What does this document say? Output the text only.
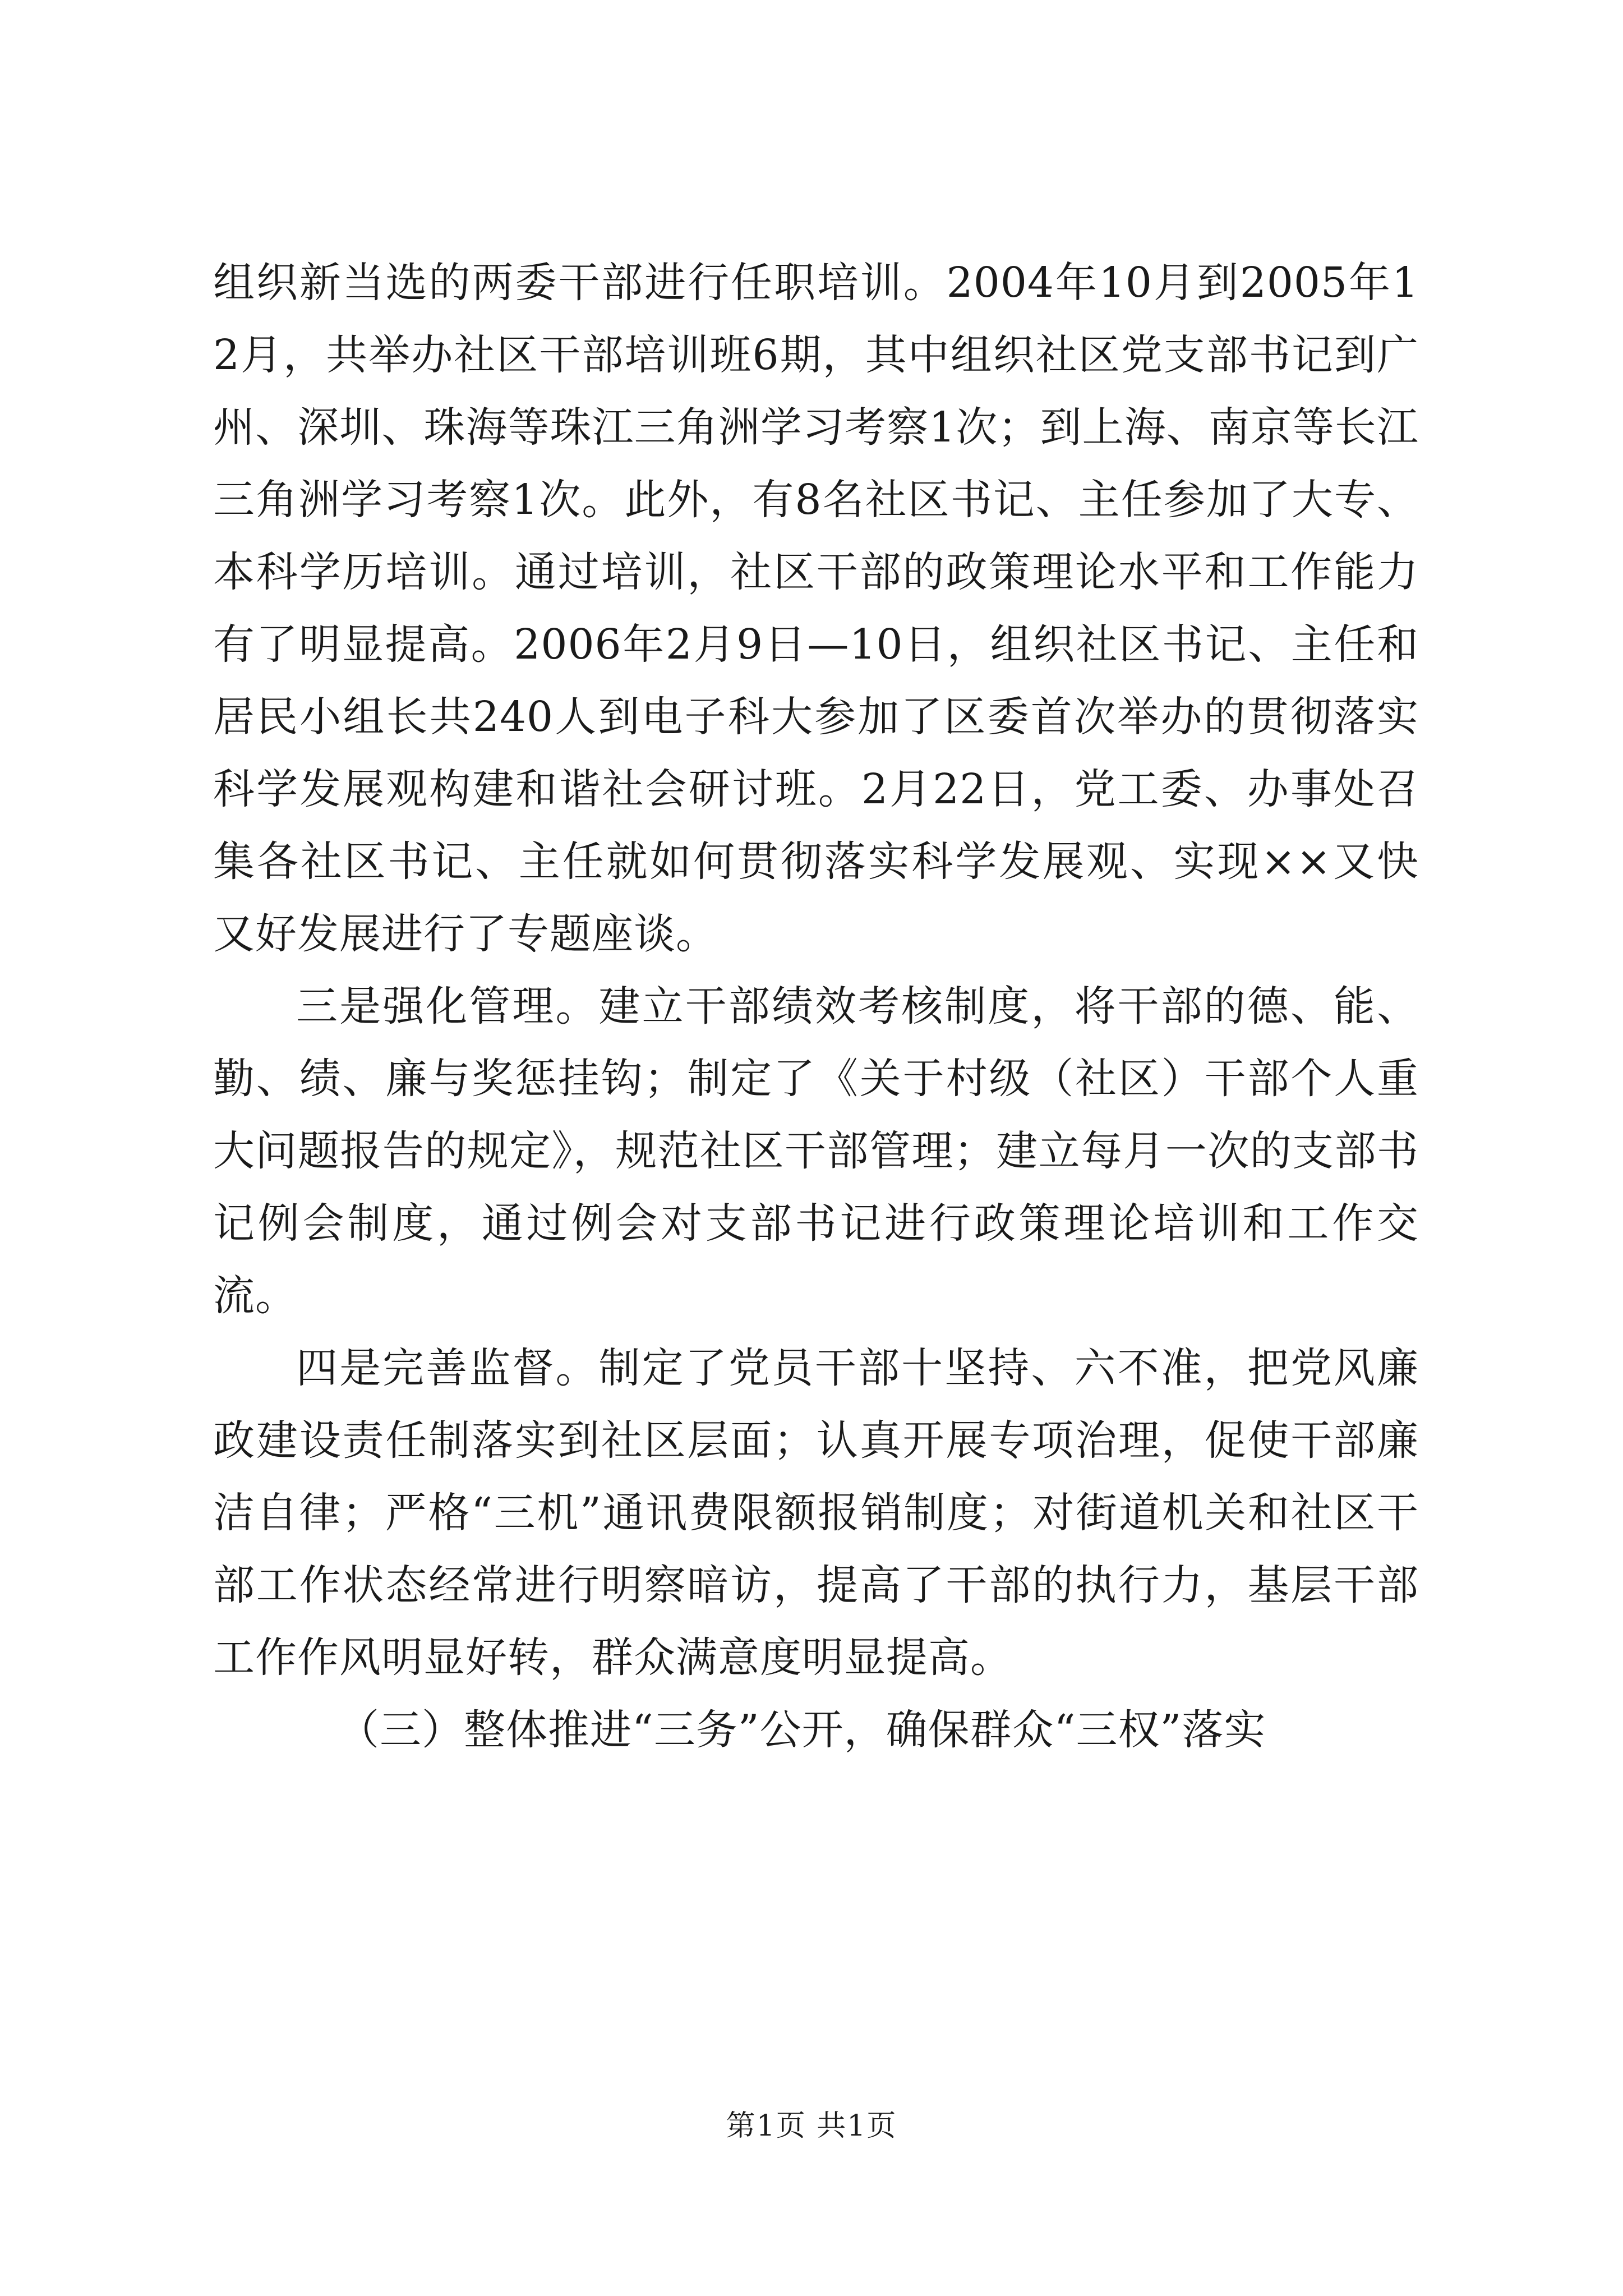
组织新当选的两委干部进行任职培训。2004年10月到2005年12月，共举办社区干部培训班6期，其中组织社区党支部书记到广州、深圳、珠海等珠江三角洲学习考察1次；到上海、南京等长江三角洲学习考察1次。此外，有8名社区书记、主任参加了大专、本科学历培训。通过培训，社区干部的政策理论水平和工作能力有了明显提高。2006年2月9日—10日，组织社区书记、主任和居民小组长共240人到电子科大参加了区委首次举办的贯彻落实科学发展观构建和谐社会研讨班。2月22日，党工委、办事处召集各社区书记、主任就如何贯彻落实科学发展观、实现××又快又好发展进行了专题座谈。

三是强化管理。建立干部绩效考核制度，将干部的德、能、勤、绩、廉与奖惩挂钩；制定了《关于村级（社区）干部个人重大问题报告的规定》，规范社区干部管理；建立每月一次的支部书记例会制度，通过例会对支部书记进行政策理论培训和工作交流。

四是完善监督。制定了党员干部十坚持、六不准，把党风廉政建设责任制落实到社区层面；认真开展专项治理，促使干部廉洁自律；严格“三机”通讯费限额报销制度；对街道机关和社区干部工作状态经常进行明察暗访，提高了干部的执行力，基层干部工作作风明显好转，群众满意度明显提高。

（三）整体推进“三务”公开，确保群众“三权”落实

第1页 共1页
